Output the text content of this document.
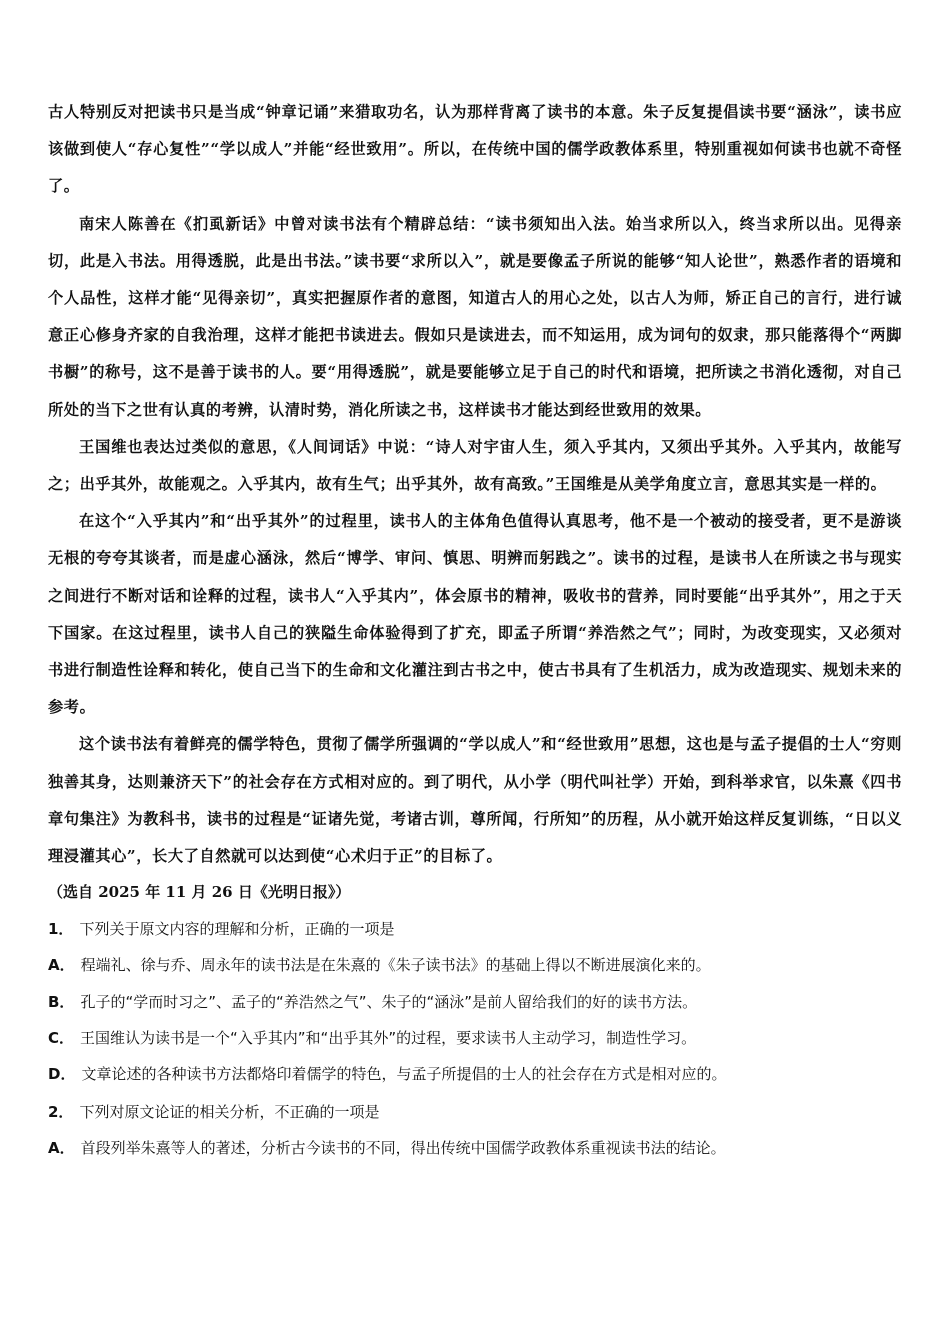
古人特别反对把读书只是当成“钟章记诵”来猎取功名，认为那样背离了读书的本意。朱子反复提倡读书要“涵泳”，读书应该做到使人“存心复性”“学以成人”并能“经世致用”。所以，在传统中国的儒学政教体系里，特别重视如何读书也就不奇怪了。

南宋人陈善在《扪虱新话》中曾对读书法有个精辟总结：“读书须知出入法。始当求所以入，终当求所以出。见得亲切，此是入书法。用得透脱，此是出书法。”读书要“求所以入”，就是要像孟子所说的能够“知人论世”，熟悉作者的语境和个人品性，这样才能“见得亲切”，真实把握原作者的意图，知道古人的用心之处，以古人为师，矫正自己的言行，进行诚意正心修身齐家的自我治理，这样才能把书读进去。假如只是读进去，而不知运用，成为词句的奴隶，那只能落得个“两脚书橱”的称号，这不是善于读书的人。要“用得透脱”，就是要能够立足于自己的时代和语境，把所读之书消化透彻，对自己所处的当下之世有认真的考辨，认清时势，消化所读之书，这样读书才能达到经世致用的效果。

王国维也表达过类似的意思，《人间词话》中说：“诗人对宇宙人生，须入乎其内，又须出乎其外。入乎其内，故能写之；出乎其外，故能观之。入乎其内，故有生气；出乎其外，故有高致。”王国维是从美学角度立言，意思其实是一样的。

在这个“入乎其内”和“出乎其外”的过程里，读书人的主体角色值得认真思考，他不是一个被动的接受者，更不是游谈无根的夸夸其谈者，而是虚心涵泳，然后“博学、审问、慎思、明辨而躬践之”。读书的过程，是读书人在所读之书与现实之间进行不断对话和诠释的过程，读书人“入乎其内”，体会原书的精神，吸收书的营养，同时要能“出乎其外”，用之于天下国家。在这过程里，读书人自己的狭隘生命体验得到了扩充，即孟子所谓“养浩然之气”；同时，为改变现实，又必须对书进行制造性诠释和转化，使自己当下的生命和文化灌注到古书之中，使古书具有了生机活力，成为改造现实、规划未来的参考。

这个读书法有着鲜亮的儒学特色，贯彻了儒学所强调的“学以成人”和“经世致用”思想，这也是与孟子提倡的士人“穷则独善其身，达则兼济天下”的社会存在方式相对应的。到了明代，从小学（明代叫社学）开始，到科举求官，以朱熹《四书章句集注》为教科书，读书的过程是“证诸先觉，考诸古训，尊所闻，行所知”的历程，从小就开始这样反复训练，“日以义理浸灌其心”，长大了自然就可以达到使“心术归于正”的目标了。

（选自 2025 年 11 月 26 日《光明日报》）

1． 下列关于原文内容的理解和分析，正确的一项是

A． 程端礼、徐与乔、周永年的读书法是在朱熹的《朱子读书法》的基础上得以不断进展演化来的。

B． 孔子的“学而时习之”、孟子的“养浩然之气”、朱子的“涵泳”是前人留给我们的好的读书方法。

C． 王国维认为读书是一个“入乎其内”和“出乎其外”的过程，要求读书人主动学习，制造性学习。

D． 文章论述的各种读书方法都烙印着儒学的特色，与孟子所提倡的士人的社会存在方式是相对应的。

2． 下列对原文论证的相关分析，不正确的一项是

A． 首段列举朱熹等人的著述，分析古今读书的不同，得出传统中国儒学政教体系重视读书法的结论。
